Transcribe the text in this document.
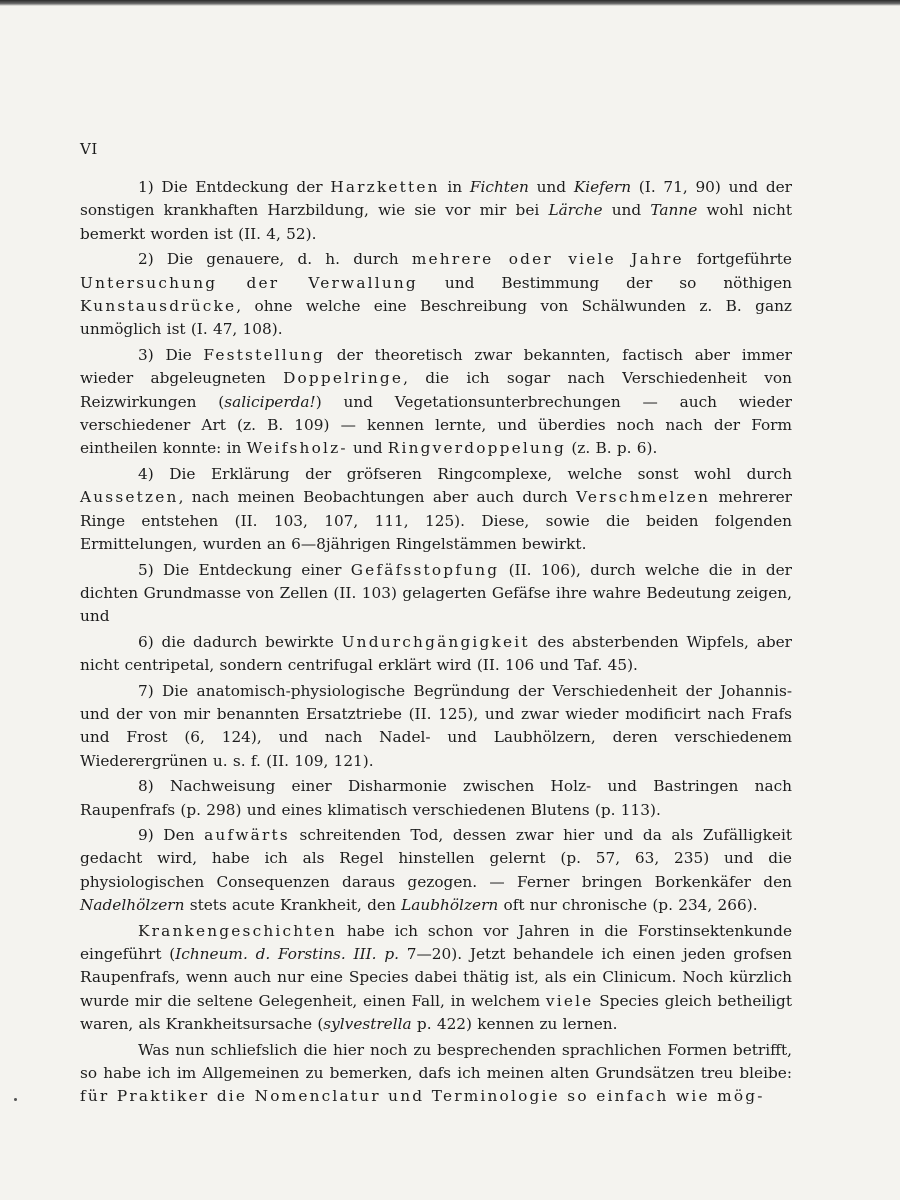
VI

1) Die Entdeckung der Harzketten in Fichten und Kiefern (I. 71, 90) und der sonstigen krankhaften Harzbildung, wie sie vor mir bei Lärche und Tanne wohl nicht bemerkt worden ist (II. 4, 52).

2) Die genauere, d. h. durch mehrere oder viele Jahre fortgeführte Untersuchung der Verwallung und Bestimmung der so nöthigen Kunstausdrücke, ohne welche eine Beschreibung von Schälwunden z. B. ganz unmöglich ist (I. 47, 108).

3) Die Feststellung der theoretisch zwar bekannten, factisch aber immer wieder abgeleugneten Doppelringe, die ich sogar nach Verschiedenheit von Reizwirkungen (saliciperda!) und Vegetationsunterbrechungen — auch wieder verschiedener Art (z. B. 109) — kennen lernte, und überdies noch nach der Form eintheilen konnte: in Weifsholz- und Ringverdoppelung (z. B. p. 6).

4) Die Erklärung der gröfseren Ringcomplexe, welche sonst wohl durch Aussetzen, nach meinen Beobachtungen aber auch durch Verschmelzen mehrerer Ringe entstehen (II. 103, 107, 111, 125). Diese, sowie die beiden folgenden Ermittelungen, wurden an 6—8jährigen Ringelstämmen bewirkt.

5) Die Entdeckung einer Gefäfsstopfung (II. 106), durch welche die in der dichten Grundmasse von Zellen (II. 103) gelagerten Gefäfse ihre wahre Bedeutung zeigen, und

6) die dadurch bewirkte Undurchgängigkeit des absterbenden Wipfels, aber nicht centripetal, sondern centrifugal erklärt wird (II. 106 und Taf. 45).

7) Die anatomisch-physiologische Begründung der Verschiedenheit der Johannis- und der von mir benannten Ersatztriebe (II. 125), und zwar wieder modificirt nach Frafs und Frost (6, 124), und nach Nadel- und Laubhölzern, deren verschiedenem Wiederergrünen u. s. f. (II. 109, 121).

8) Nachweisung einer Disharmonie zwischen Holz- und Bastringen nach Raupenfrafs (p. 298) und eines klimatisch verschiedenen Blutens (p. 113).

9) Den aufwärts schreitenden Tod, dessen zwar hier und da als Zufälligkeit gedacht wird, habe ich als Regel hinstellen gelernt (p. 57, 63, 235) und die physiologischen Consequenzen daraus gezogen. — Ferner bringen Borkenkäfer den Nadelhölzern stets acute Krankheit, den Laubhölzern oft nur chronische (p. 234, 266).

Krankengeschichten habe ich schon vor Jahren in die Forstinsektenkunde eingeführt (Ichneum. d. Forstins. III. p. 7—20). Jetzt behandele ich einen jeden grofsen Raupenfrafs, wenn auch nur eine Species dabei thätig ist, als ein Clinicum. Noch kürzlich wurde mir die seltene Gelegenheit, einen Fall, in welchem viele Species gleich betheiligt waren, als Krankheitsursache (sylvestrella p. 422) kennen zu lernen.

Was nun schliefslich die hier noch zu besprechenden sprachlichen Formen betrifft, so habe ich im Allgemeinen zu bemerken, dafs ich meinen alten Grundsätzen treu bleibe: für Praktiker die Nomenclatur und Terminologie so einfach wie mög-
